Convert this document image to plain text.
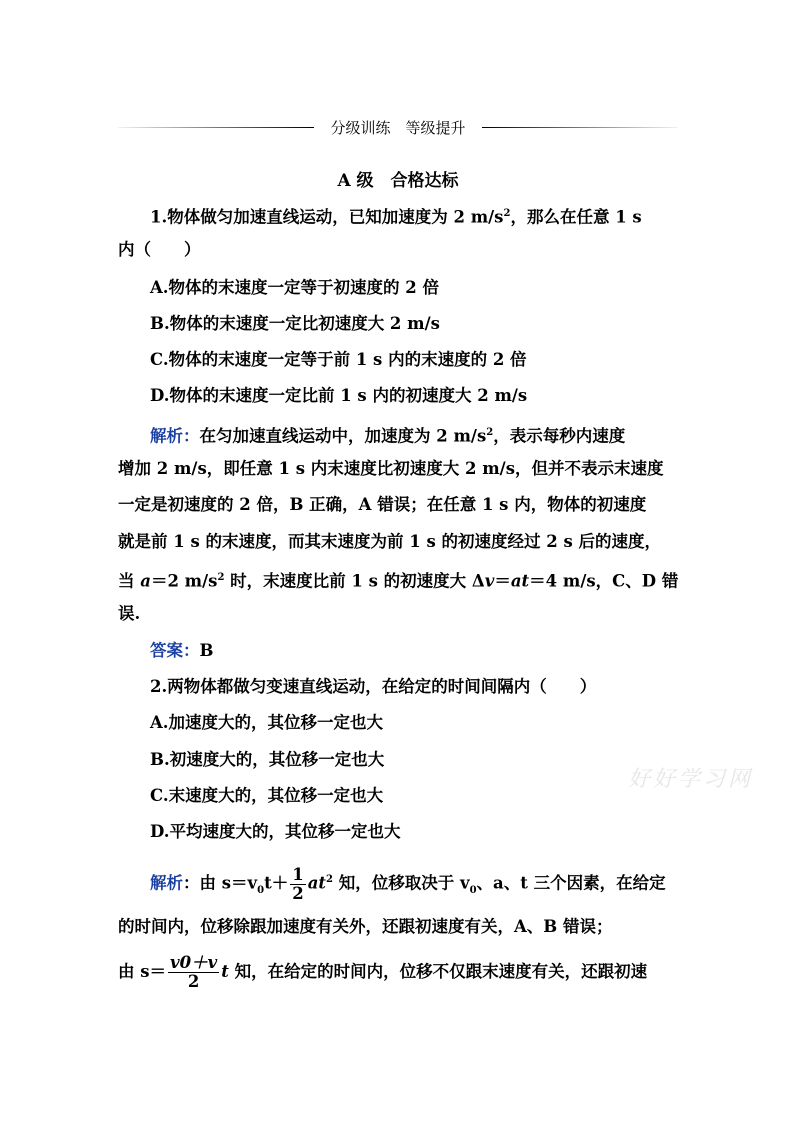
分级训练　等级提升
A 级　合格达标
1.物体做匀加速直线运动，已知加速度为 2 $m/s^2$，那么在任意 1 s
内（　　）
A.物体的末速度一定等于初速度的 2 倍
B.物体的末速度一定比初速度大 2 m/s
C.物体的末速度一定等于前 1 s 内的末速度的 2 倍
D.物体的末速度一定比前 1 s 内的初速度大 2 m/s
解析：在匀加速直线运动中，加速度为 2 $m/s^2$，表示每秒内速度
增加 2 m/s，即任意 1 s 内末速度比初速度大 2 m/s，但并不表示末速度
一定是初速度的 2 倍，B 正确，A 错误；在任意 1 s 内，物体的初速度
就是前 1 s 的末速度，而其末速度为前 1 s 的初速度经过 2 s 后的速度，
当 a＝2 $m/s^2$ 时，末速度比前 1 s 的初速度大 Δv＝at＝4 m/s，C、D 错
误.
答案：B
2.两物体都做匀变速直线运动，在给定的时间间隔内（　　）
A.加速度大的，其位移一定也大
B.初速度大的，其位移一定也大
C.末速度大的，其位移一定也大
D.平均速度大的，其位移一定也大
解析：由 $s=v_0t+ \frac{1}{2} at^2$ 知，位移取决于 $v_0$、a、t 三个因素，在给定
的时间内，位移除跟加速度有关外，还跟初速度有关，A、B 错误；
由 $s= \frac{v0+v}{2}$ t 知，在给定的时间内，位移不仅跟末速度有关，还跟初速
好好学习网
